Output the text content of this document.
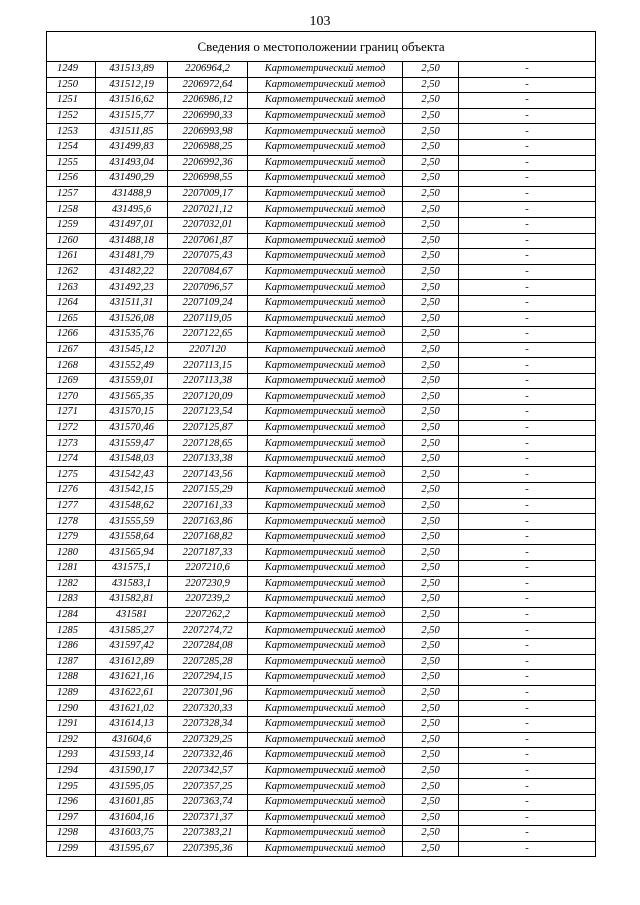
103
Сведения о местоположении границ объекта					
1249	431513,89	2206964,2	Картометрический метод	2,50	-
1250	431512,19	2206972,64	Картометрический метод	2,50	-
1251	431516,62	2206986,12	Картометрический метод	2,50	-
1252	431515,77	2206990,33	Картометрический метод	2,50	-
1253	431511,85	2206993,98	Картометрический метод	2,50	-
1254	431499,83	2206988,25	Картометрический метод	2,50	-
1255	431493,04	2206992,36	Картометрический метод	2,50	-
1256	431490,29	2206998,55	Картометрический метод	2,50	-
1257	431488,9	2207009,17	Картометрический метод	2,50	-
1258	431495,6	2207021,12	Картометрический метод	2,50	-
1259	431497,01	2207032,01	Картометрический метод	2,50	-
1260	431488,18	2207061,87	Картометрический метод	2,50	-
1261	431481,79	2207075,43	Картометрический метод	2,50	-
1262	431482,22	2207084,67	Картометрический метод	2,50	-
1263	431492,23	2207096,57	Картометрический метод	2,50	-
1264	431511,31	2207109,24	Картометрический метод	2,50	-
1265	431526,08	2207119,05	Картометрический метод	2,50	-
1266	431535,76	2207122,65	Картометрический метод	2,50	-
1267	431545,12	2207120	Картометрический метод	2,50	-
1268	431552,49	2207113,15	Картометрический метод	2,50	-
1269	431559,01	2207113,38	Картометрический метод	2,50	-
1270	431565,35	2207120,09	Картометрический метод	2,50	-
1271	431570,15	2207123,54	Картометрический метод	2,50	-
1272	431570,46	2207125,87	Картометрический метод	2,50	-
1273	431559,47	2207128,65	Картометрический метод	2,50	-
1274	431548,03	2207133,38	Картометрический метод	2,50	-
1275	431542,43	2207143,56	Картометрический метод	2,50	-
1276	431542,15	2207155,29	Картометрический метод	2,50	-
1277	431548,62	2207161,33	Картометрический метод	2,50	-
1278	431555,59	2207163,86	Картометрический метод	2,50	-
1279	431558,64	2207168,82	Картометрический метод	2,50	-
1280	431565,94	2207187,33	Картометрический метод	2,50	-
1281	431575,1	2207210,6	Картометрический метод	2,50	-
1282	431583,1	2207230,9	Картометрический метод	2,50	-
1283	431582,81	2207239,2	Картометрический метод	2,50	-
1284	431581	2207262,2	Картометрический метод	2,50	-
1285	431585,27	2207274,72	Картометрический метод	2,50	-
1286	431597,42	2207284,08	Картометрический метод	2,50	-
1287	431612,89	2207285,28	Картометрический метод	2,50	-
1288	431621,16	2207294,15	Картометрический метод	2,50	-
1289	431622,61	2207301,96	Картометрический метод	2,50	-
1290	431621,02	2207320,33	Картометрический метод	2,50	-
1291	431614,13	2207328,34	Картометрический метод	2,50	-
1292	431604,6	2207329,25	Картометрический метод	2,50	-
1293	431593,14	2207332,46	Картометрический метод	2,50	-
1294	431590,17	2207342,57	Картометрический метод	2,50	-
1295	431595,05	2207357,25	Картометрический метод	2,50	-
1296	431601,85	2207363,74	Картометрический метод	2,50	-
1297	431604,16	2207371,37	Картометрический метод	2,50	-
1298	431603,75	2207383,21	Картометрический метод	2,50	-
1299	431595,67	2207395,36	Картометрический метод	2,50	-
